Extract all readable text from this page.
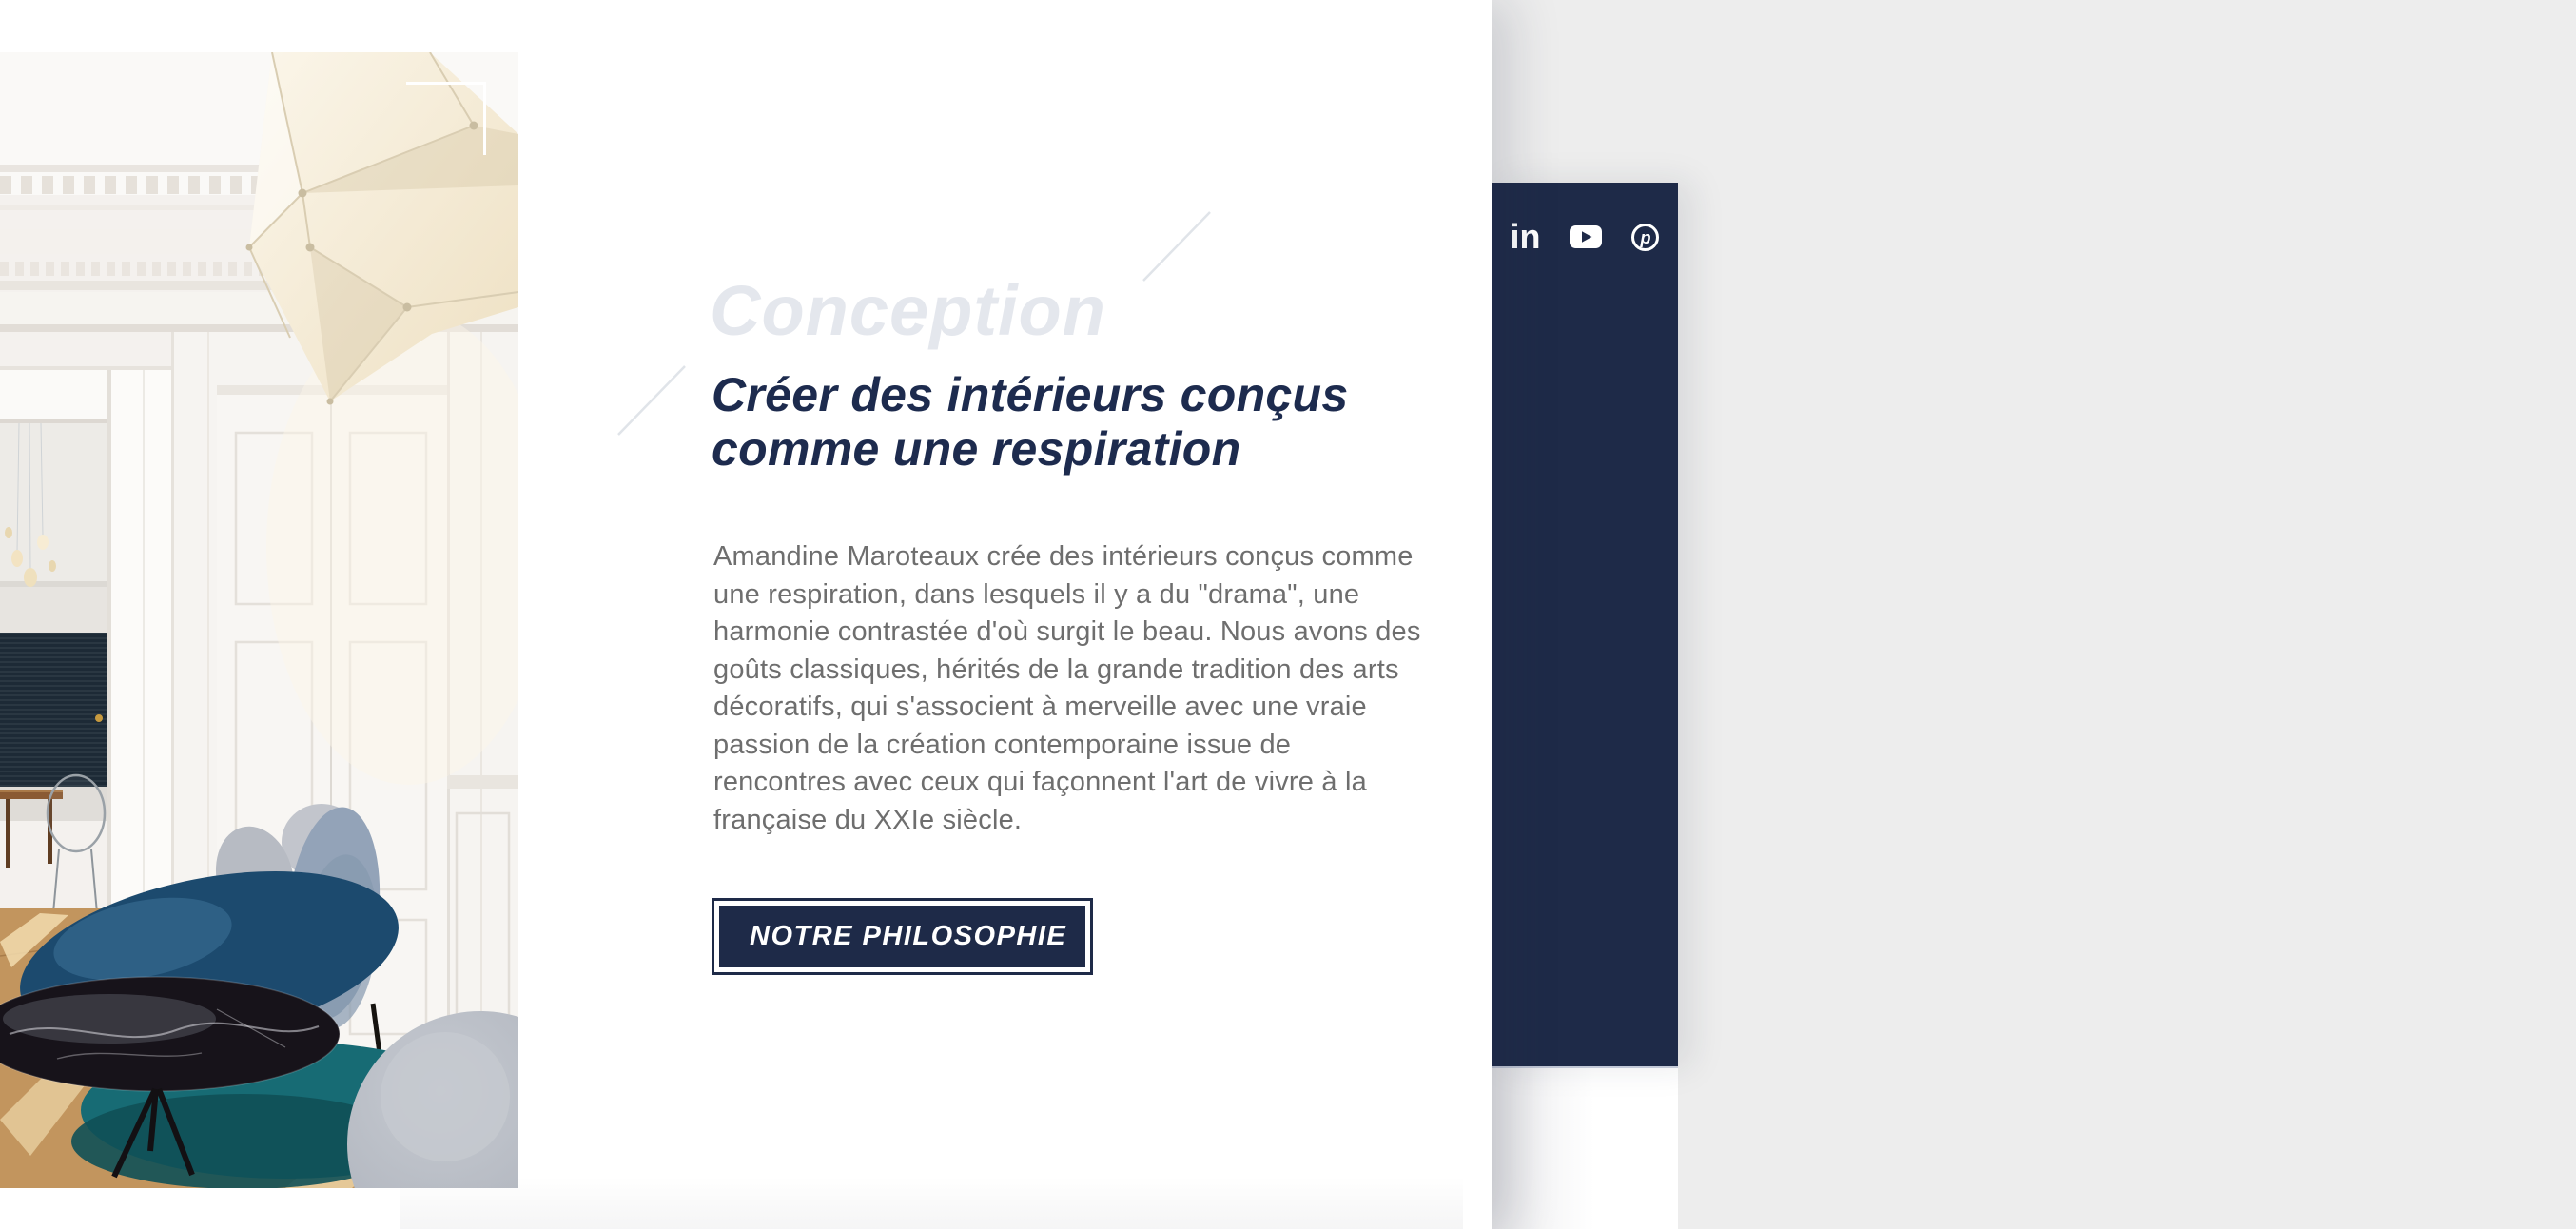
in	p
Conception
Créer des intérieurs conçus
comme une respiration

Amandine Maroteaux crée des intérieurs conçus comme une respiration, dans lesquels il y a du "drama", une harmonie contrastée d'où surgit le beau. Nous avons des goûts classiques, hérités de la grande tradition des arts décoratifs, qui s'associent à merveille avec une vraie passion de la création contemporaine issue de rencontres avec ceux qui façonnent l'art de vivre à la française du XXIe siècle.

NOTRE PHILOSOPHIE
